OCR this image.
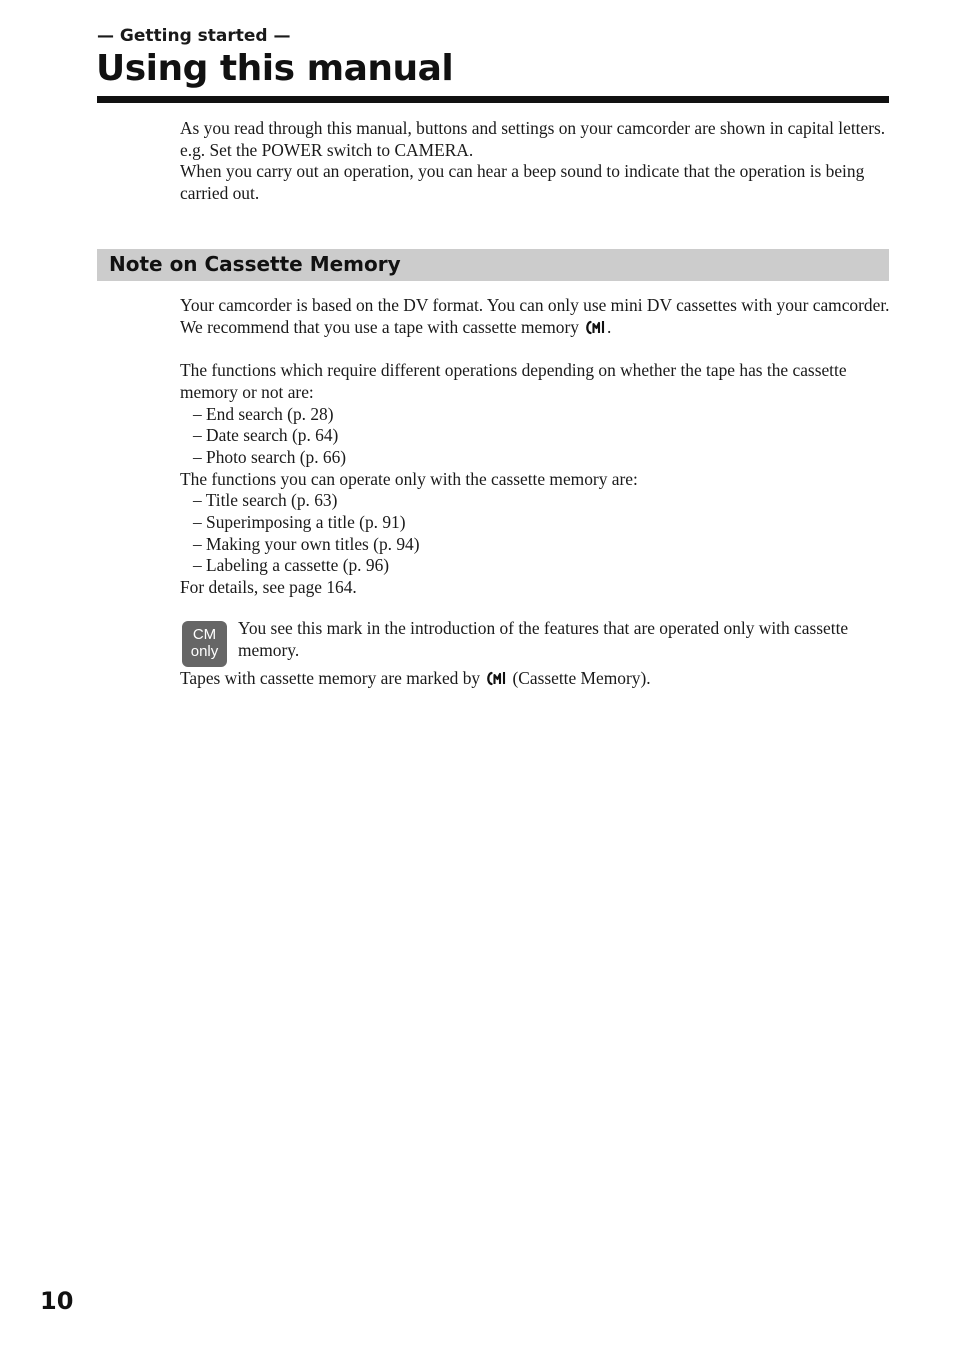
— Getting started —
Using this manual

As you read through this manual, buttons and settings on your camcorder are shown in capital letters.

e.g. Set the POWER switch to CAMERA.

When you carry out an operation, you can hear a beep sound to indicate that the operation is being carried out.

Note on Cassette Memory

Your camcorder is based on the DV format. You can only use mini DV cassettes with your camcorder. We recommend that you use a tape with cassette memory .

The functions which require different operations depending on whether the tape has the cassette memory or not are:

– End search (p. 28)

– Date search (p. 64)

– Photo search (p. 66)

The functions you can operate only with the cassette memory are:

– Title search (p. 63)

– Superimposing a title (p. 91)

– Making your own titles (p. 94)

– Labeling a cassette (p. 96)

For details, see page 164.

CM
only

You see this mark in the introduction of the features that are operated only with cassette memory.

Tapes with cassette memory are marked by (Cassette Memory).

10
